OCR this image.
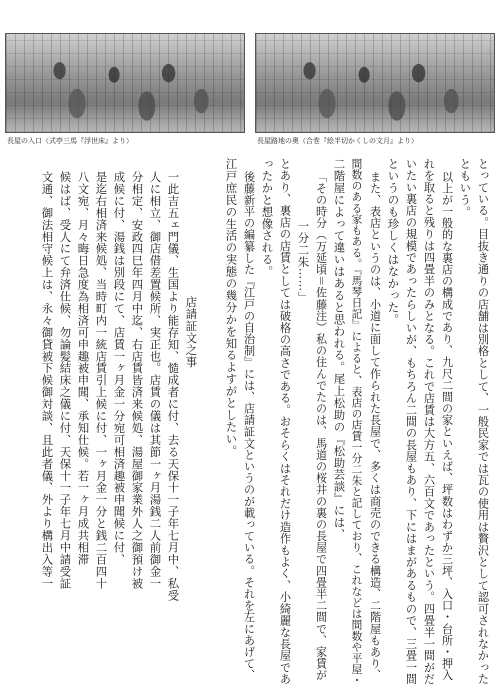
長屋の入口（式亭三馬『浮世床』より）	長屋路地の奥（合巻『絵半切かくしの文月』より）
とっている。目抜き通りの店舗は別格として、一般民家では瓦の使用は贅沢として認可されなかった
ともいう。
以上が一般的な裏店の構成であり、九尺二間の家といえば、坪数はわずか三坪、入口・台所・押入
れを取ると残りは四畳半のみとなる。これで店賃は大方五、六百文であったという。四畳半一間がだ
いたい裏店の規模であったらしいが、もちろん二間の長屋もあり、下にはまがあるもので、三畳一間
というのも珍しくはなかった。
また、表店というのは、小道に面して作られた長屋で、多くは商売のできる構造、二階屋もあり、
間数のある家もある。『馬琴日記』によると、表店の店賃一分二朱と記しており、これなどは間数や平屋・
二階屋によって違いはあると思われる。尾上松助の『松助芸談』には、
「その時分（万延頃＝佐藤注）私の住んでたのは、馬道の桜井の裏の長屋で四畳半二間で、家賃が
一分二朱……」
とあり、裏店の店賃としては破格の高さである。おそらくはそれだけ造作もよく、小綺麗な長屋であ
ったかと想像される。
後藤新平の編纂した『江戸の自治制』には、店請証文というのが載っている。それを左にあげて、
江戸庶民の生活の実態の幾分かを知るよすがとしたい。
店請証文之事
一此吉五ェ門儀、生国より能存知、慥成者に付、去る天保十一子年七月中、私受
人に相立、御店借差置候所、実正也。店賃の儀は其節一ヶ月湯銭二人前御金一
分相定、安政四巳年四月中迄、右店賃皆済来候処、湯屋御家業外人之御預け被
成候に付、湯銭は別段にて、店賃一ヶ月金一分宛可相済趣被申聞候に付、
是迄右相済来候処、当時町内一統店賃引上候に付、一ヶ月金一分と銭二百四十
八文宛、月々晦日急度為相済可申趣被申聞、承知仕候。若一ヶ月成共相滞
候はば、受人にて弁済仕候、勿論髪結床之儀に付、天保十一子年七月中請受証
文通、御法相守候上は、永々御貸被下候御対談、且此者儀、外より構出入等一
